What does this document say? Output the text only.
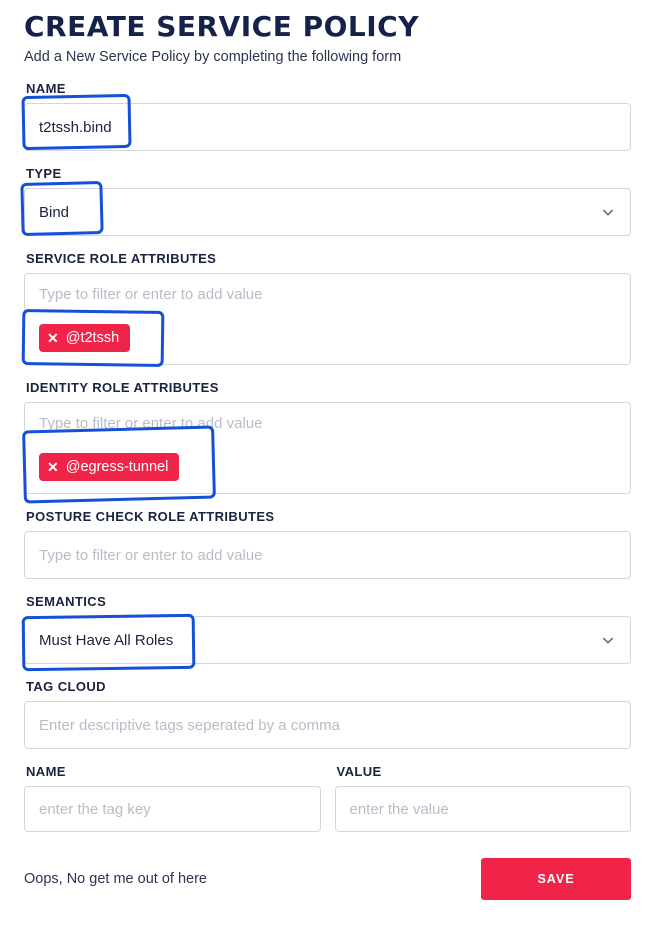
CREATE SERVICE POLICY

Add a New Service Policy by completing the following form

NAME
t2tssh.bind
TYPE
Bind
SERVICE ROLE ATTRIBUTES
Type to filter or enter to add value
✕ @t2tssh
IDENTITY ROLE ATTRIBUTES
Type to filter or enter to add value
✕ @egress-tunnel
POSTURE CHECK ROLE ATTRIBUTES
Type to filter or enter to add value
SEMANTICS
Must Have All Roles
TAG CLOUD
Enter descriptive tags seperated by a comma
NAME
enter the tag key
VALUE
enter the value
Oops, No get me out of here	SAVE
